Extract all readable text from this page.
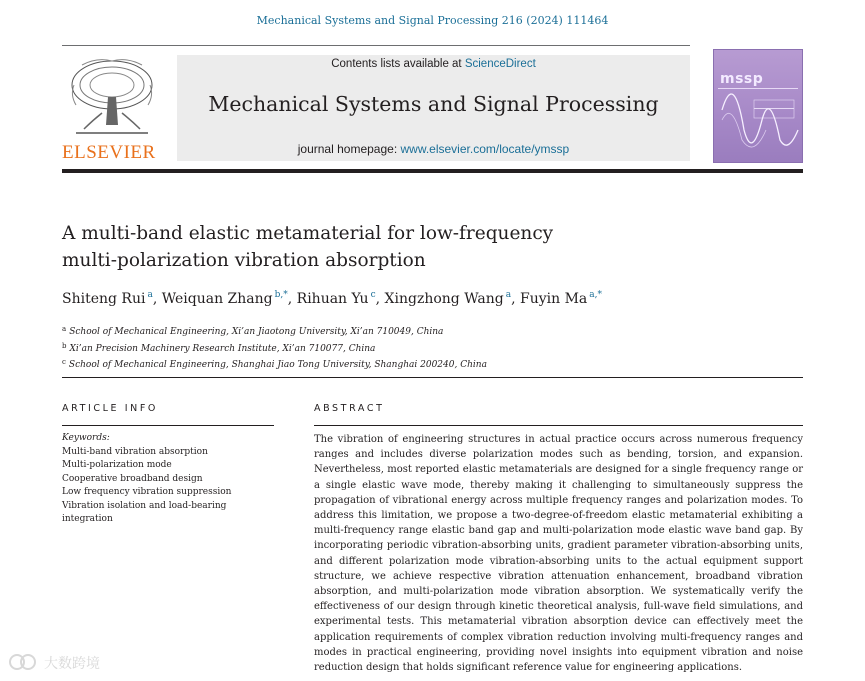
Mechanical Systems and Signal Processing 216 (2024) 111464
ELSEVIER
Contents lists available at ScienceDirect
Mechanical Systems and Signal Processing
journal homepage: www.elsevier.com/locate/ymssp
mssp
A multi-band elastic metamaterial for low-frequency
multi-polarization vibration absorption
Shiteng Rui $^a$, Weiquan Zhang $^{b,*}$, Rihuan Yu $^c$, Xingzhong Wang $^a$, Fuyin Ma $^{a,*}$
$^a$ School of Mechanical Engineering, Xi’an Jiaotong University, Xi’an 710049, China
$^b$ Xi’an Precision Machinery Research Institute, Xi’an 710077, China
$^c$ School of Mechanical Engineering, Shanghai Jiao Tong University, Shanghai 200240, China
ARTICLE INFO	ABSTRACT
Keywords:
Multi-band vibration absorption
Multi-polarization mode
Cooperative broadband design
Low frequency vibration suppression
Vibration isolation and load-bearing integration
The vibration of engineering structures in actual practice occurs across numerous frequency ranges and includes diverse polarization modes such as bending, torsion, and expansion. Nevertheless, most reported elastic metamaterials are designed for a single frequency range or a single elastic wave mode, thereby making it challenging to simultaneously suppress the propagation of vibrational energy across multiple frequency ranges and polarization modes. To address this limitation, we propose a two-degree-of-freedom elastic metamaterial exhibiting a multi-frequency range elastic band gap and multi-polarization mode elastic wave band gap. By incorporating periodic vibration-absorbing units, gradient parameter vibration-absorbing units, and different polarization mode vibration-absorbing units to the actual equipment support structure, we achieve respective vibration attenuation enhancement, broadband vibration absorption, and multi-polarization mode vibration absorption. We systematically verify the effectiveness of our design through kinetic theoretical analysis, full-wave field simulations, and experimental tests. This metamaterial vibration absorption device can effectively meet the application requirements of complex vibration reduction involving multi-frequency ranges and modes in practical engineering, providing novel insights into equipment vibration and noise reduction design that holds significant reference value for engineering applications.
大数跨境
